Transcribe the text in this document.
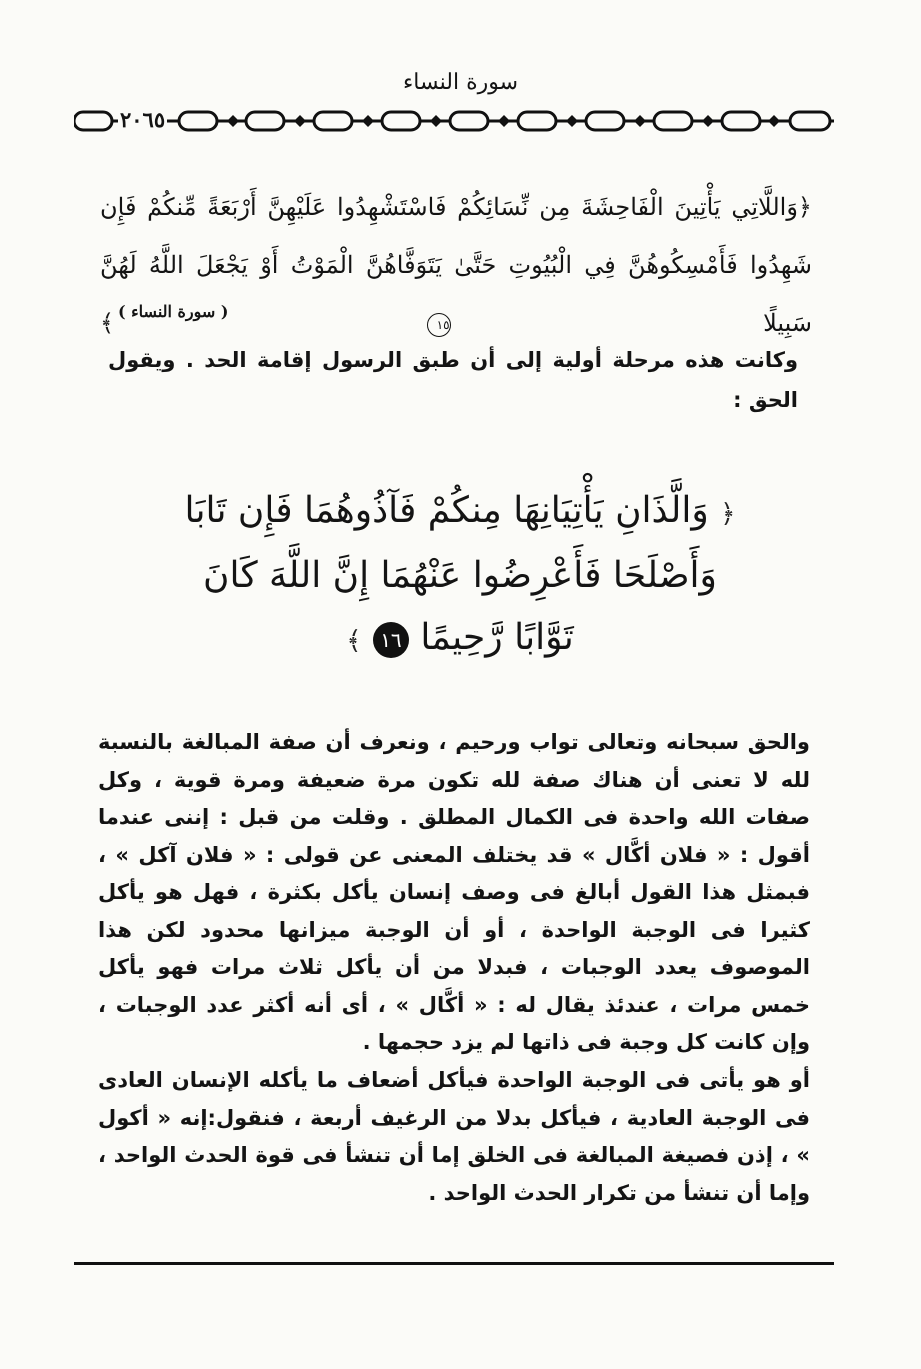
سورة النساء
٢٠٦٥
﴿وَاللَّاتِي يَأْتِينَ الْفَاحِشَةَ مِن نِّسَائِكُمْ فَاسْتَشْهِدُوا عَلَيْهِنَّ أَرْبَعَةً مِّنكُمْ فَإِن شَهِدُوا فَأَمْسِكُوهُنَّ فِي الْبُيُوتِ حَتَّىٰ يَتَوَفَّاهُنَّ الْمَوْتُ أَوْ يَجْعَلَ اللَّهُ لَهُنَّ سَبِيلًا ١٥ ﴾ ( سورة النساء )
وكانت هذه مرحلة أولية إلى أن طبق الرسول إقامة الحد . ويقول الحق :
﴿ وَالَّذَانِ يَأْتِيَانِهَا مِنكُمْ فَآذُوهُمَا فَإِن تَابَا وَأَصْلَحَا فَأَعْرِضُوا عَنْهُمَا إِنَّ اللَّهَ كَانَ تَوَّابًا رَّحِيمًا ١٦ ﴾
والحق سبحانه وتعالى تواب ورحيم ، ونعرف أن صفة المبالغة بالنسبة لله لا تعنى أن هناك صفة لله تكون مرة ضعيفة ومرة قوية ، وكل صفات الله واحدة فى الكمال المطلق . وقلت من قبل : إننى عندما أقول : « فلان أكَّال » قد يختلف المعنى عن قولى : « فلان آكل » ، فبمثل هذا القول أبالغ فى وصف إنسان يأكل بكثرة ، فهل هو يأكل كثيرا فى الوجبة الواحدة ، أو أن الوجبة ميزانها محدود لكن هذا الموصوف يعدد الوجبات ، فبدلا من أن يأكل ثلاث مرات فهو يأكل خمس مرات ، عندئذ يقال له : « أكَّال » ، أى أنه أكثر عدد الوجبات ، وإن كانت كل وجبة فى ذاتها لم يزد حجمها .
أو هو يأتى فى الوجبة الواحدة فيأكل أضعاف ما يأكله الإنسان العادى فى الوجبة العادية ، فيأكل بدلا من الرغيف أربعة ، فنقول:إنه « أكول » ، إذن فصيغة المبالغة فى الخلق إما أن تنشأ فى قوة الحدث الواحد ، وإما أن تنشأ من تكرار الحدث الواحد .
